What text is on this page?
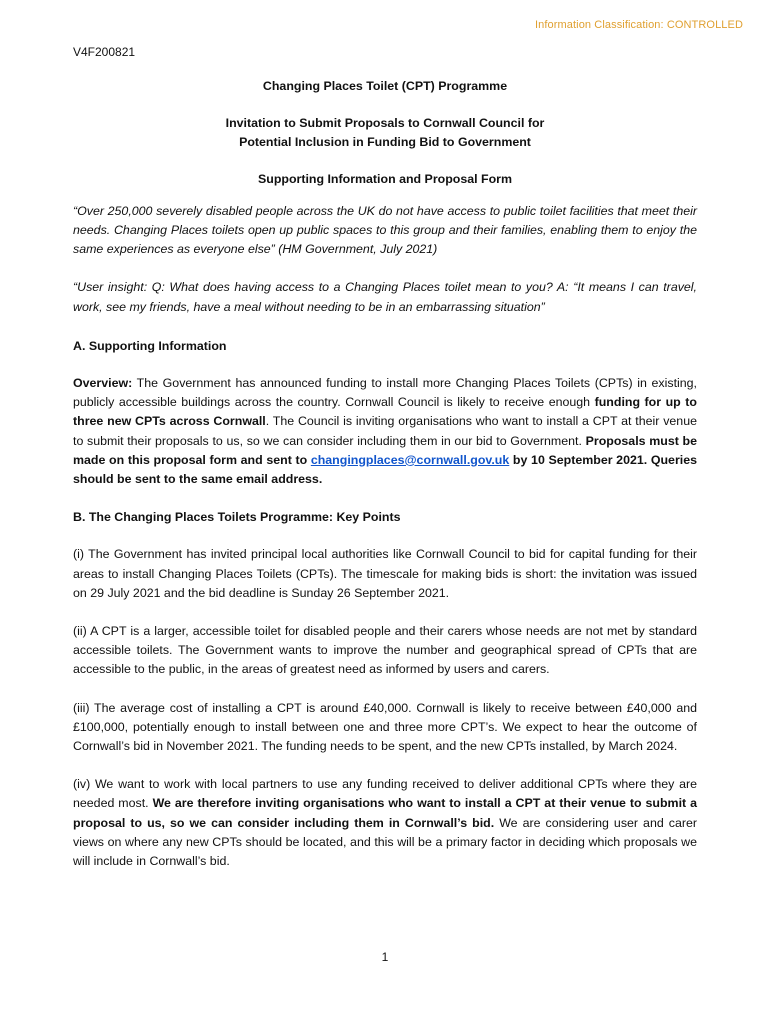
Information Classification: CONTROLLED
V4F200821
Changing Places Toilet (CPT) Programme
Invitation to Submit Proposals to Cornwall Council for
Potential Inclusion in Funding Bid to Government
Supporting Information and Proposal Form

“Over 250,000 severely disabled people across the UK do not have access to public toilet facilities that meet their needs. Changing Places toilets open up public spaces to this group and their families, enabling them to enjoy the same experiences as everyone else” (HM Government, July 2021)

“User insight: Q: What does having access to a Changing Places toilet mean to you? A: “It means I can travel, work, see my friends, have a meal without needing to be in an embarrassing situation”

A. Supporting Information

Overview: The Government has announced funding to install more Changing Places Toilets (CPTs) in existing, publicly accessible buildings across the country. Cornwall Council is likely to receive enough funding for up to three new CPTs across Cornwall. The Council is inviting organisations who want to install a CPT at their venue to submit their proposals to us, so we can consider including them in our bid to Government. Proposals must be made on this proposal form and sent to changingplaces@cornwall.gov.uk by 10 September 2021. Queries should be sent to the same email address.

B. The Changing Places Toilets Programme: Key Points

(i) The Government has invited principal local authorities like Cornwall Council to bid for capital funding for their areas to install Changing Places Toilets (CPTs). The timescale for making bids is short: the invitation was issued on 29 July 2021 and the bid deadline is Sunday 26 September 2021.

(ii) A CPT is a larger, accessible toilet for disabled people and their carers whose needs are not met by standard accessible toilets. The Government wants to improve the number and geographical spread of CPTs that are accessible to the public, in the areas of greatest need as informed by users and carers.

(iii) The average cost of installing a CPT is around £40,000. Cornwall is likely to receive between £40,000 and £100,000, potentially enough to install between one and three more CPT’s. We expect to hear the outcome of Cornwall’s bid in November 2021. The funding needs to be spent, and the new CPTs installed, by March 2024.

(iv) We want to work with local partners to use any funding received to deliver additional CPTs where they are needed most. We are therefore inviting organisations who want to install a CPT at their venue to submit a proposal to us, so we can consider including them in Cornwall’s bid. We are considering user and carer views on where any new CPTs should be located, and this will be a primary factor in deciding which proposals we will include in Cornwall’s bid.

1
